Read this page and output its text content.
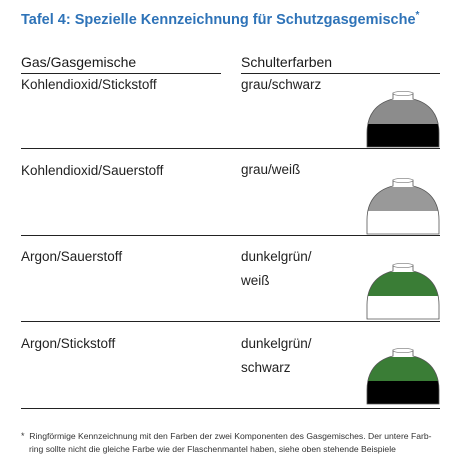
Tafel 4: Spezielle Kennzeichnung für Schutzgasgemische*
Gas/Gasgemische	Schulterfarben
Kohlendioxid/Stickstoff	grau/schwarz
Kohlendioxid/Sauerstoff	grau/weiß
Argon/Sauerstoff	dunkelgrün/
weiß
Argon/Stickstoff	dunkelgrün/
schwarz
* Ringförmige Kennzeichnung mit den Farben der zwei Komponenten des Gasgemisches. Der untere Farb-
ring sollte nicht die gleiche Farbe wie der Flaschenmantel haben, siehe oben stehende Beispiele
